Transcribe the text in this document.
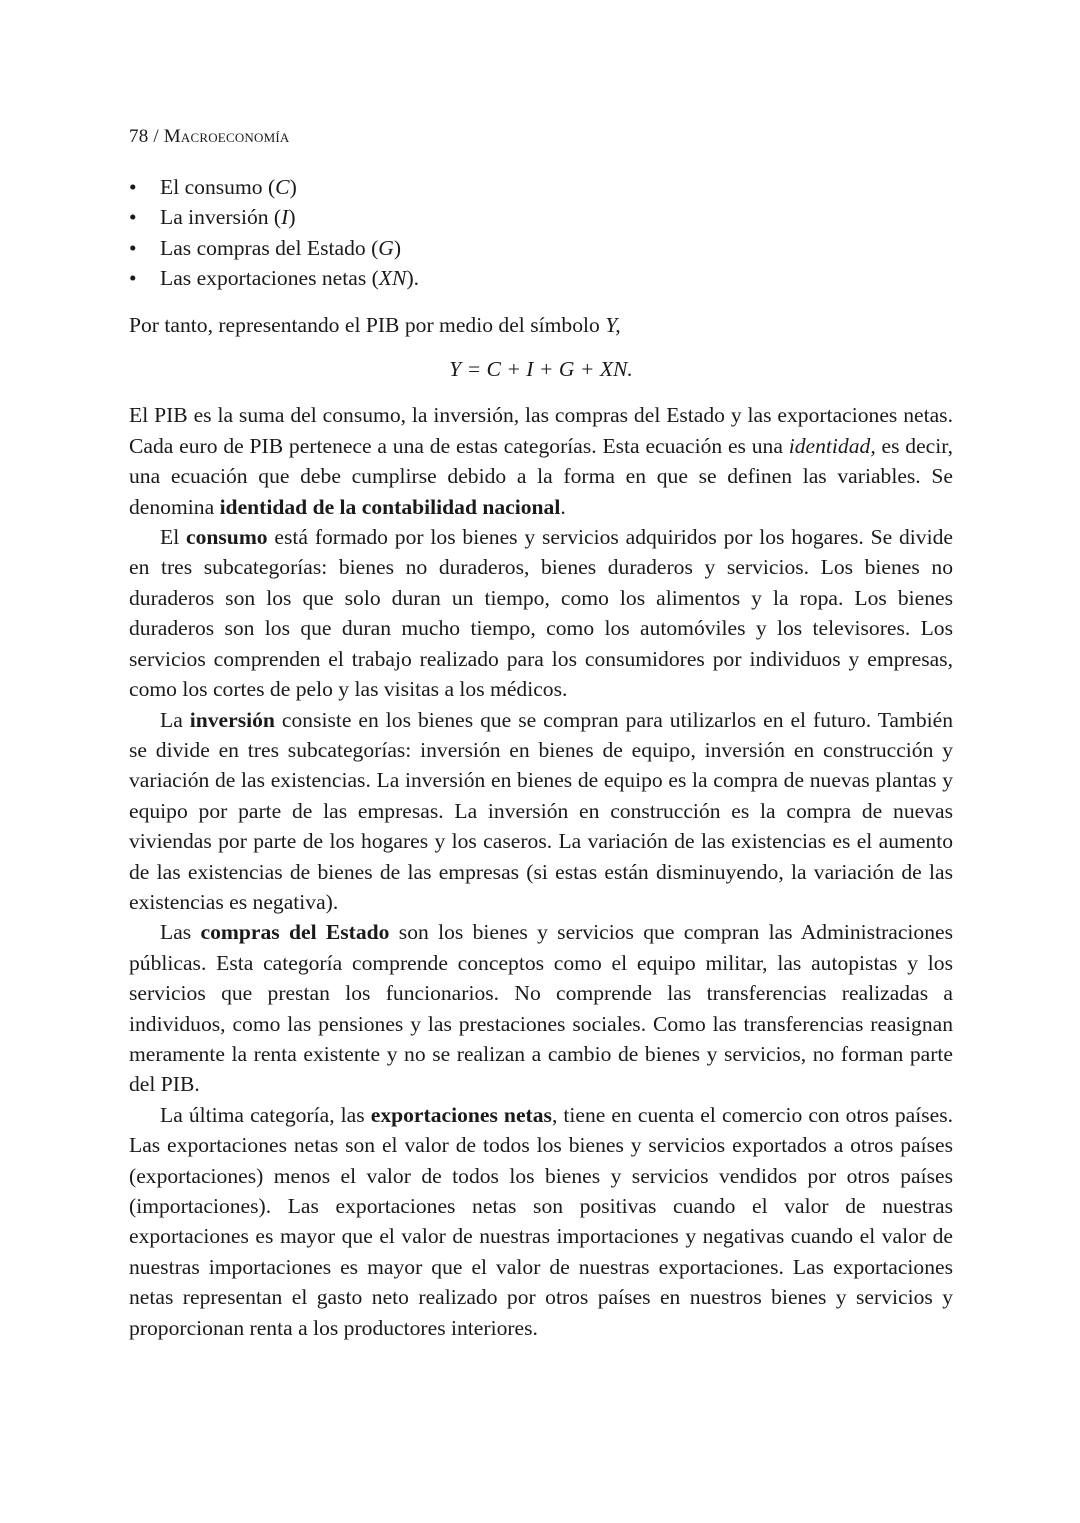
78 / Macroeconomía
• El consumo (C)
• La inversión (I)
• Las compras del Estado (G)
• Las exportaciones netas (XN).

Por tanto, representando el PIB por medio del símbolo Y,

Y = C + I + G + XN.

El PIB es la suma del consumo, la inversión, las compras del Estado y las exportaciones netas. Cada euro de PIB pertenece a una de estas categorías. Esta ecuación es una identidad, es decir, una ecuación que debe cumplirse debido a la forma en que se definen las variables. Se denomina identidad de la contabilidad nacional.

El consumo está formado por los bienes y servicios adquiridos por los hogares. Se divide en tres subcategorías: bienes no duraderos, bienes duraderos y servicios. Los bienes no duraderos son los que solo duran un tiempo, como los alimentos y la ropa. Los bienes duraderos son los que duran mucho tiempo, como los automóviles y los televisores. Los servicios comprenden el trabajo realizado para los consumidores por individuos y empresas, como los cortes de pelo y las visitas a los médicos.

La inversión consiste en los bienes que se compran para utilizarlos en el futuro. También se divide en tres subcategorías: inversión en bienes de equipo, inversión en construcción y variación de las existencias. La inversión en bienes de equipo es la compra de nuevas plantas y equipo por parte de las empresas. La inversión en construcción es la compra de nuevas viviendas por parte de los hogares y los caseros. La variación de las existencias es el aumento de las existencias de bienes de las empresas (si estas están disminuyendo, la variación de las existencias es negativa).

Las compras del Estado son los bienes y servicios que compran las Administraciones públicas. Esta categoría comprende conceptos como el equipo militar, las autopistas y los servicios que prestan los funcionarios. No comprende las transferencias realizadas a individuos, como las pensiones y las prestaciones sociales. Como las transferencias reasignan meramente la renta existente y no se realizan a cambio de bienes y servicios, no forman parte del PIB.

La última categoría, las exportaciones netas, tiene en cuenta el comercio con otros países. Las exportaciones netas son el valor de todos los bienes y servicios exportados a otros países (exportaciones) menos el valor de todos los bienes y servicios vendidos por otros países (importaciones). Las exportaciones netas son positivas cuando el valor de nuestras exportaciones es mayor que el valor de nuestras importaciones y negativas cuando el valor de nuestras importaciones es mayor que el valor de nuestras exportaciones. Las exportaciones netas representan el gasto neto realizado por otros países en nuestros bienes y servicios y proporcionan renta a los productores interiores.
